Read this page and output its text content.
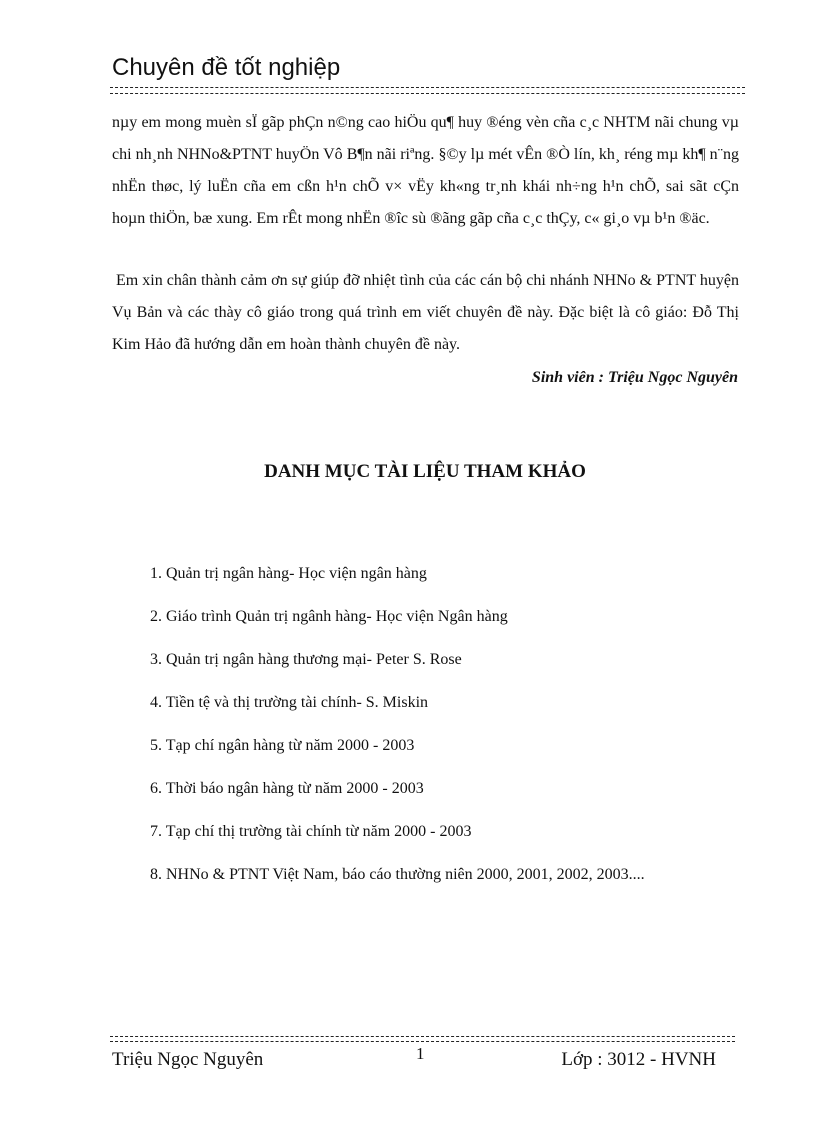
Chuyên đề tốt nghiệp
nµy em mong muèn sÏ gãp phÇn n©ng cao hiÖu qu¶ huy ®éng vèn cña c¸c NHTM nãi chung vµ chi nh¸nh NHNo&PTNT huyÖn Vô B¶n nãi riªng. §©y lµ mét vÊn ®Ò lín, kh¸ réng mµ kh¶ n¨ng nhËn thøc, lý luËn cña em cßn h¹n chÕ v× vËy kh«ng tr¸nh khái nh÷ng h¹n chÕ, sai sãt cÇn hoµn thiÖn, bæ xung. Em rÊt mong nhËn ®îc sù ®ãng gãp cña c¸c thÇy, c« gi¸o vµ b¹n ®äc.
Em xin chân thành cảm ơn sự giúp đỡ nhiệt tình của các cán bộ chi nhánh NHNo & PTNT huyện Vụ Bản và các thày cô giáo trong quá trình em viết chuyên đề này. Đặc biệt là cô giáo: Đỗ Thị Kim Hảo đã hướng dẫn em hoàn thành chuyên đề này.
Sinh viên : Triệu Ngọc Nguyên
DANH MỤC TÀI LIỆU THAM KHẢO
1. Quản trị ngân hàng- Học viện ngân hàng
2. Giáo trình Quản trị ngânh hàng- Học viện Ngân hàng
3. Quản trị ngân hàng thương mại- Peter S. Rose
4. Tiền tệ và thị trường tài chính- S. Miskin
5. Tạp chí ngân hàng từ năm 2000 - 2003
6. Thời báo ngân hàng từ năm 2000 - 2003
7. Tạp chí thị trường tài chính từ năm 2000 - 2003
8. NHNo & PTNT Việt Nam, báo cáo thường niên 2000, 2001, 2002, 2003....
Triệu Ngọc Nguyên	1	Lớp : 3012 - HVNH
